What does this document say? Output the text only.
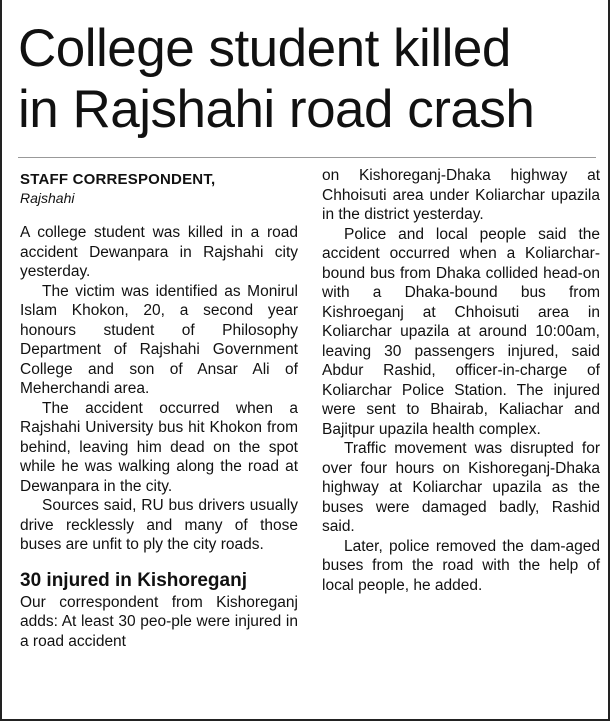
College student killed
in Rajshahi road crash
STAFF CORRESPONDENT,
Rajshahi

A college student was killed in a road accident Dewanpara in Rajshahi city yesterday.

The victim was identified as Monirul Islam Khokon, 20, a second year honours student of Philosophy Department of Rajshahi Government College and son of Ansar Ali of Meherchandi area.

The accident occurred when a Rajshahi University bus hit Khokon from behind, leaving him dead on the spot while he was walking along the road at Dewanpara in the city.

Sources said, RU bus drivers usually drive recklessly and many of those buses are unfit to ply the city roads.

30 injured in Kishoreganj

Our correspondent from Kishoreganj adds: At least 30 peo-ple were injured in a road accident

on Kishoreganj-Dhaka highway at Chhoisuti area under Koliarchar upazila in the district yesterday.

Police and local people said the accident occurred when a Koliarchar-bound bus from Dhaka collided head-on with a Dhaka-bound bus from Kishroeganj at Chhoisuti area in Koliarchar upazila at around 10:00am, leaving 30 passengers injured, said Abdur Rashid, officer-in-charge of Koliarchar Police Station. The injured were sent to Bhairab, Kaliachar and Bajitpur upazila health complex.

Traffic movement was disrupted for over four hours on Kishoreganj-Dhaka highway at Koliarchar upazila as the buses were damaged badly, Rashid said.

Later, police removed the dam-aged buses from the road with the help of local people, he added.
